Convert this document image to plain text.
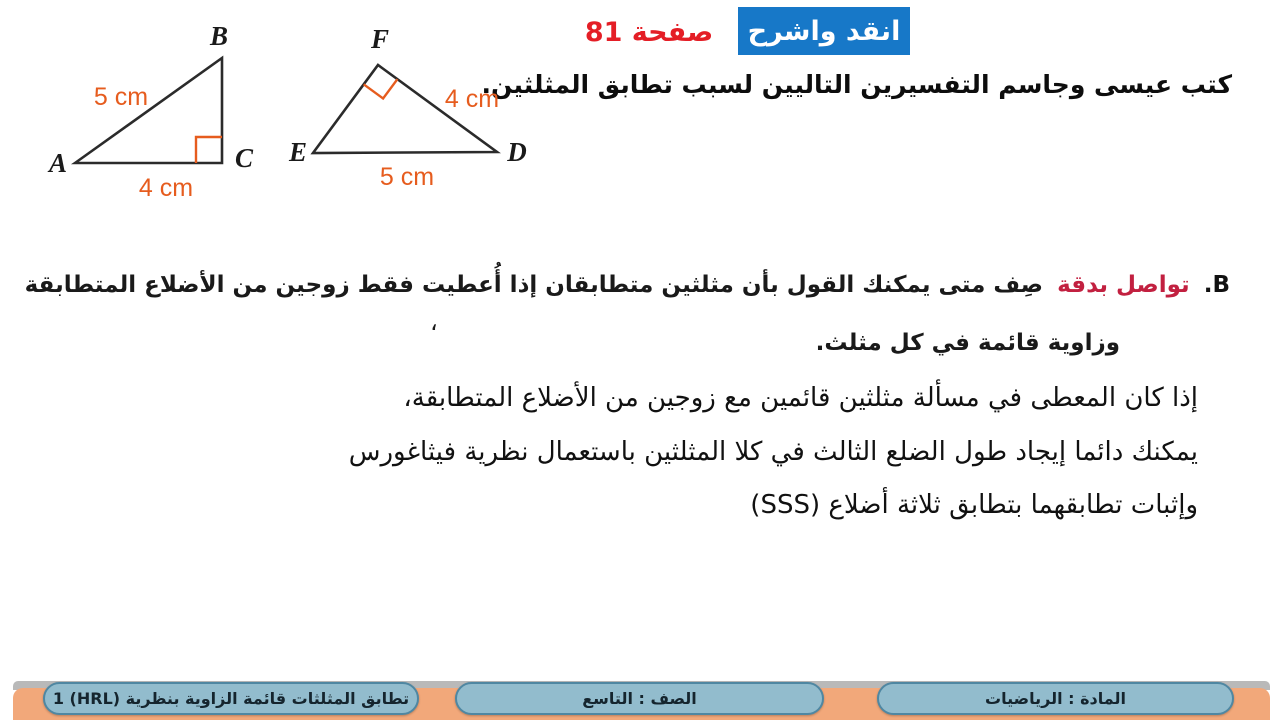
انقد واشرح
صفحة 81
كتب عيسى وجاسم التفسيرين التاليين لسبب تطابق المثلثين.
A
B
C
5 cm
4 cm
E
F
D
4 cm
5 cm
B. تواصل بدقة صِف متى يمكنك القول بأن مثلثين متطابقان إذا أُعطيت فقط زوجين من الأضلاع المتطابقة
،
وزاوية قائمة في كل مثلث.
إذا كان المعطى في مسألة مثلثين قائمين مع زوجين من الأضلاع المتطابقة،
يمكنك دائما إيجاد طول الضلع الثالث في كلا المثلثين باستعمال نظرية فيثاغورس
وإثبات تطابقهما بتطابق ثلاثة أضلاع (SSS)
تطابق المثلثات قائمة الزاوية بنظرية (HRL) 1	الصف : التاسع	المادة : الرياضيات
